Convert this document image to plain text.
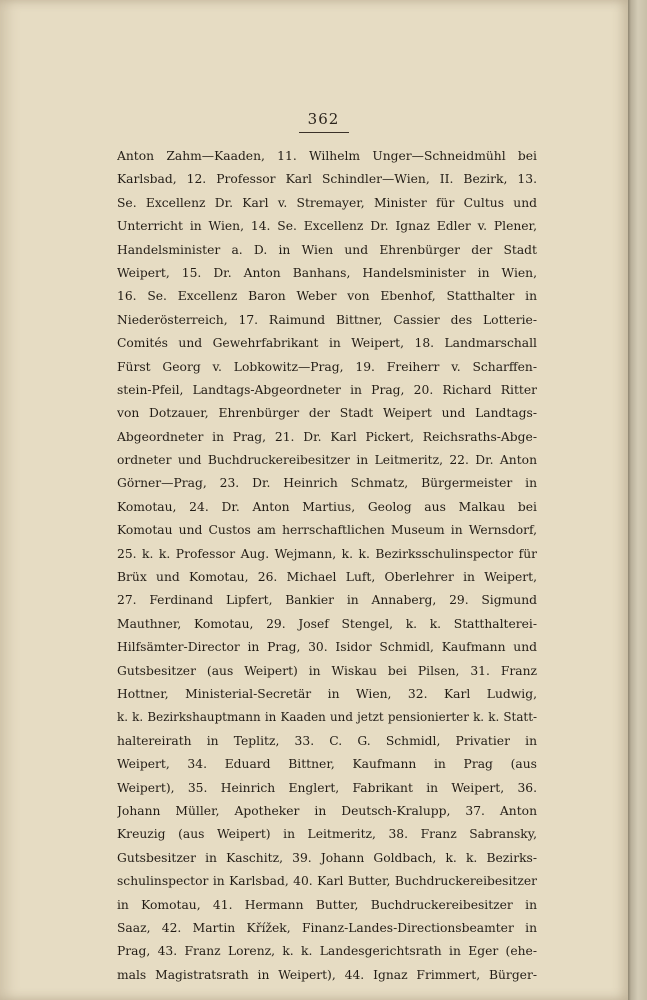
362
Anton Zahm—Kaaden, 11. Wilhelm Unger—Schneidmühl bei
Karlsbad, 12. Professor Karl Schindler—Wien, II. Bezirk, 13.
Se. Excellenz Dr. Karl v. Stremayer, Minister für Cultus und
Unterricht in Wien, 14. Se. Excellenz Dr. Ignaz Edler v. Plener,
Handelsminister a. D. in Wien und Ehrenbürger der Stadt
Weipert, 15. Dr. Anton Banhans, Handelsminister in Wien,
16. Se. Excellenz Baron Weber von Ebenhof, Statthalter in
Niederösterreich, 17. Raimund Bittner, Cassier des Lotterie-
Comités und Gewehrfabrikant in Weipert, 18. Landmarschall
Fürst Georg v. Lobkowitz—Prag, 19. Freiherr v. Scharffen-
stein-Pfeil, Landtags-Abgeordneter in Prag, 20. Richard Ritter
von Dotzauer, Ehrenbürger der Stadt Weipert und Landtags-
Abgeordneter in Prag, 21. Dr. Karl Pickert, Reichsraths-Abge-
ordneter und Buchdruckereibesitzer in Leitmeritz, 22. Dr. Anton
Görner—Prag, 23. Dr. Heinrich Schmatz, Bürgermeister in
Komotau, 24. Dr. Anton Martius, Geolog aus Malkau bei
Komotau und Custos am herrschaftlichen Museum in Wernsdorf,
25. k. k. Professor Aug. Wejmann, k. k. Bezirksschulinspector für
Brüx und Komotau, 26. Michael Luft, Oberlehrer in Weipert,
27. Ferdinand Lipfert, Bankier in Annaberg, 29. Sigmund
Mauthner, Komotau, 29. Josef Stengel, k. k. Statthalterei-
Hilfsämter-Director in Prag, 30. Isidor Schmidl, Kaufmann und
Gutsbesitzer (aus Weipert) in Wiskau bei Pilsen, 31. Franz
Hottner, Ministerial-Secretär in Wien, 32. Karl Ludwig,
k. k. Bezirkshauptmann in Kaaden und jetzt pensionierter k. k. Statt-
haltereirath in Teplitz, 33. C. G. Schmidl, Privatier in
Weipert, 34. Eduard Bittner, Kaufmann in Prag (aus
Weipert), 35. Heinrich Englert, Fabrikant in Weipert, 36.
Johann Müller, Apotheker in Deutsch-Kralupp, 37. Anton
Kreuzig (aus Weipert) in Leitmeritz, 38. Franz Sabransky,
Gutsbesitzer in Kaschitz, 39. Johann Goldbach, k. k. Bezirks-
schulinspector in Karlsbad, 40. Karl Butter, Buchdruckereibesitzer
in Komotau, 41. Hermann Butter, Buchdruckereibesitzer in
Saaz, 42. Martin Křížek, Finanz-Landes-Directionsbeamter in
Prag, 43. Franz Lorenz, k. k. Landesgerichtsrath in Eger (ehe-
mals Magistratsrath in Weipert), 44. Ignaz Frimmert, Bürger-
